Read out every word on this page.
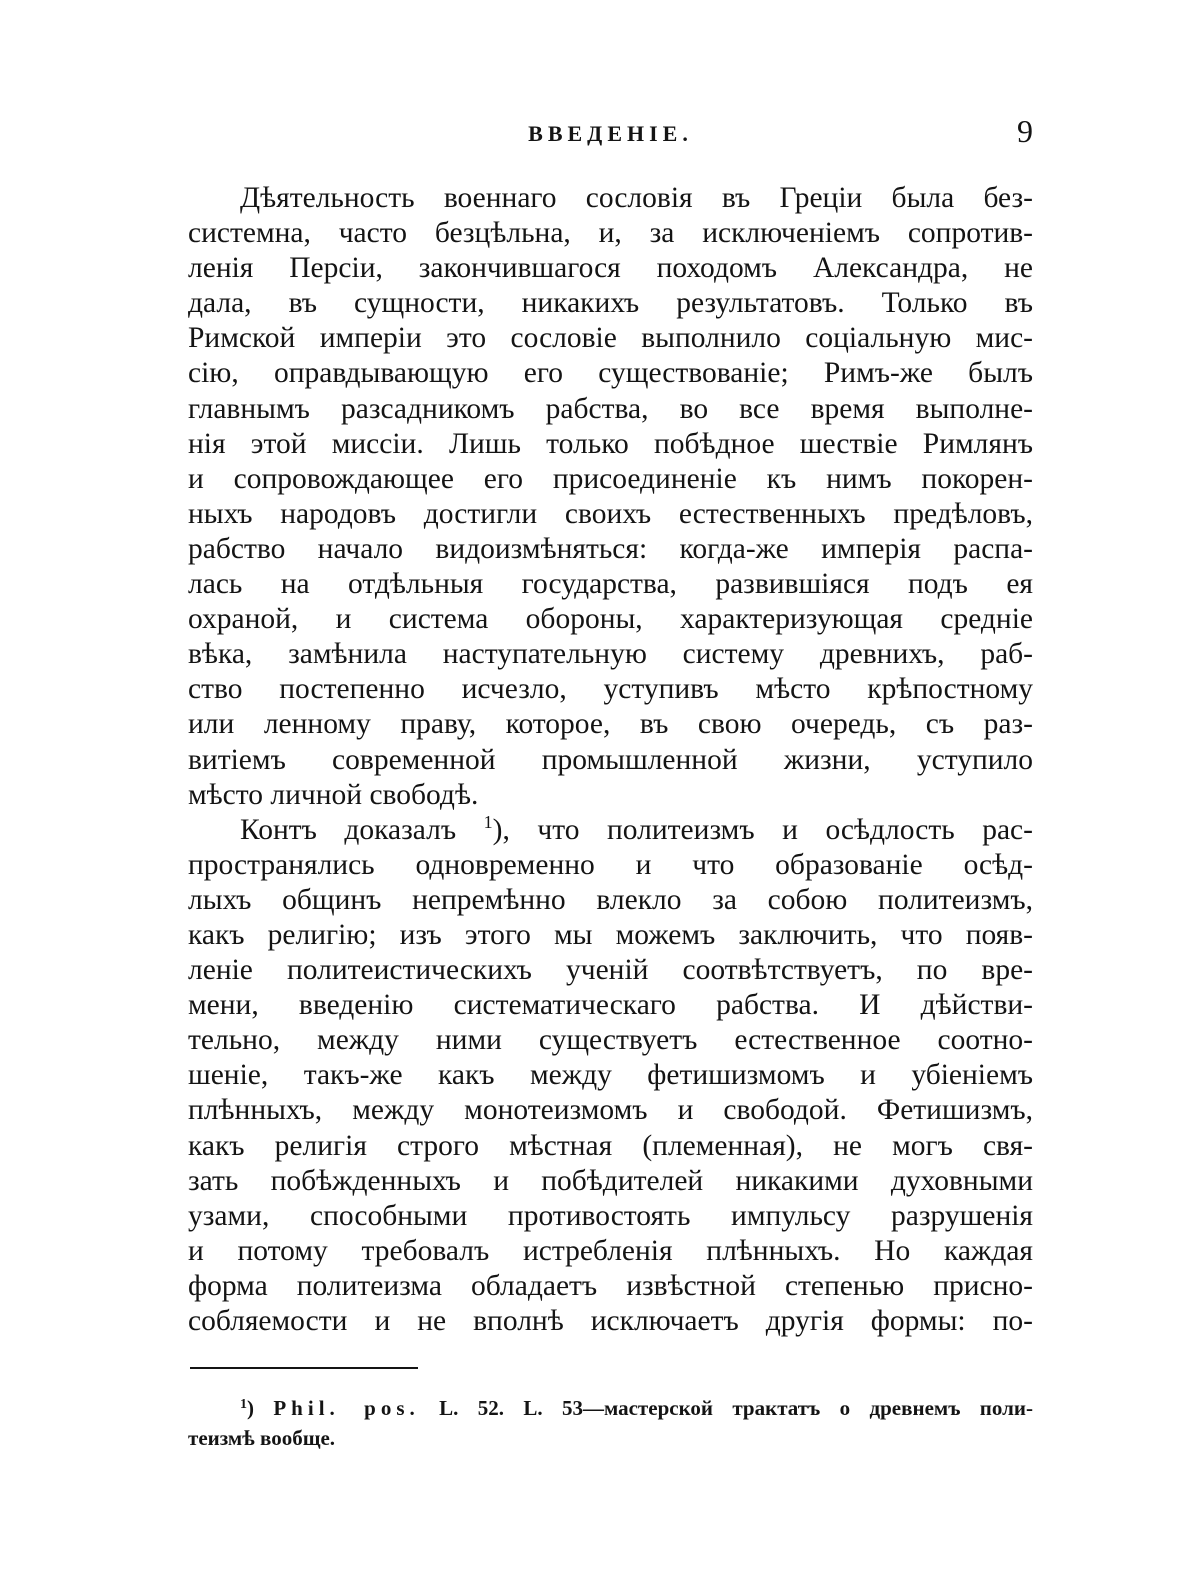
ВВЕДЕНІЕ.	9
Дѣятельность военнаго сословія въ Греціи была без-
системна, часто безцѣльна, и, за исключеніемъ сопротив-
ленія Персіи, закончившагося походомъ Александра, не
дала, въ сущности, никакихъ результатовъ. Только въ
Римской имперіи это сословіе выполнило соціальную мис-
сію, оправдывающую его существованіе; Римъ-же былъ
главнымъ разсадникомъ рабства, во все время выполне-
нія этой миссіи. Лишь только побѣдное шествіе Римлянъ
и сопровождающее его присоединеніе къ нимъ покорен-
ныхъ народовъ достигли своихъ естественныхъ предѣловъ,
рабство начало видоизмѣняться: когда-же имперія распа-
лась на отдѣльныя государства, развившіяся подъ ея
охраной, и система обороны, характеризующая средніе
вѣка, замѣнила наступательную систему древнихъ, раб-
ство постепенно исчезло, уступивъ мѣсто крѣпостному
или ленному праву, которое, въ свою очередь, съ раз-
витіемъ современной промышленной жизни, уступило
мѣсто личной свободѣ.
Контъ доказалъ $^1$), что политеизмъ и осѣдлость рас-
пространялись одновременно и что образованіе осѣд-
лыхъ общинъ непремѣнно влекло за собою политеизмъ,
какъ религію; изъ этого мы можемъ заключить, что появ-
леніе политеистическихъ ученій соотвѣтствуетъ, по вре-
мени, введенію систематическаго рабства. И дѣйстви-
тельно, между ними существуетъ естественное соотно-
шеніе, такъ-же какъ между фетишизмомъ и убіеніемъ
плѣнныхъ, между монотеизмомъ и свободой. Фетишизмъ,
какъ религія строго мѣстная (племенная), не могъ свя-
зать побѣжденныхъ и побѣдителей никакими духовными
узами, способными противостоять импульсу разрушенія
и потому требовалъ истребленія плѣнныхъ. Но каждая
форма политеизма обладаетъ извѣстной степенью присно-
собляемости и не вполнѣ исключаетъ другія формы: по-
$^1$) Phil. pos. L. 52. L. 53—мастерской трактатъ о древнемъ поли-
теизмѣ вообще.
